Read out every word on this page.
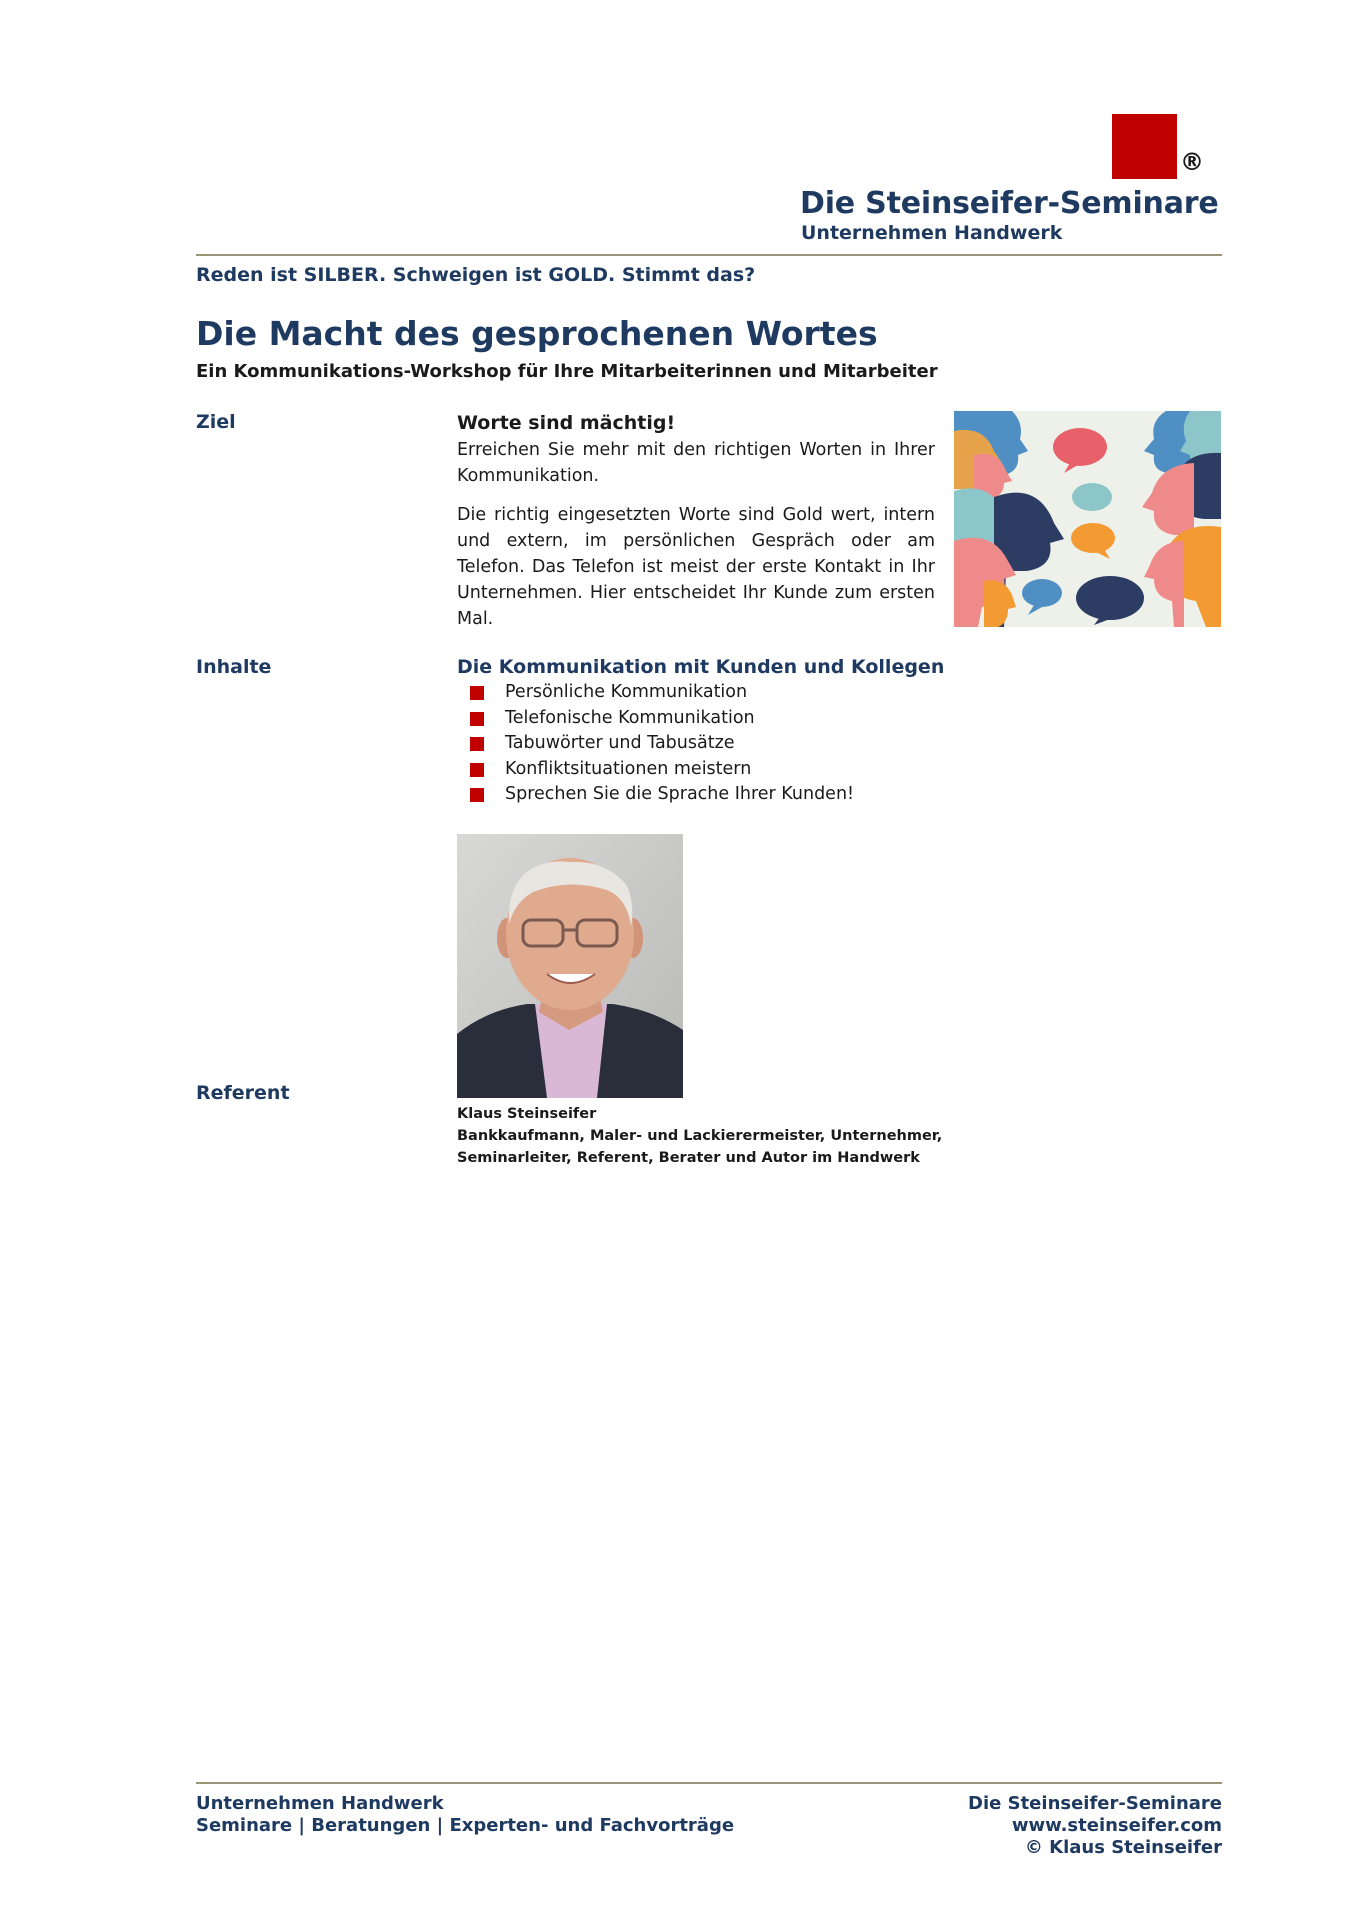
®
Die Steinseifer-Seminare
Unternehmen Handwerk
Reden ist SILBER. Schweigen ist GOLD. Stimmt das?
Die Macht des gesprochenen Wortes
Ein Kommunikations-Workshop für Ihre Mitarbeiterinnen und Mitarbeiter
Ziel	Worte sind mächtig!

Erreichen Sie mehr mit den richtigen Worten in Ihrer Kommunikation.

Die richtig eingesetzten Worte sind Gold wert, intern und extern, im persönlichen Gespräch oder am Telefon. Das Telefon ist meist der erste Kontakt in Ihr Unternehmen. Hier entscheidet Ihr Kunde zum ersten Mal.

Inhalte	Die Kommunikation mit Kunden und Kollegen
Persönliche Kommunikation
Telefonische Kommunikation
Tabuwörter und Tabusätze
Konfliktsituationen meistern
Sprechen Sie die Sprache Ihrer Kunden!
Referent
Klaus Steinseifer
Bankkaufmann, Maler- und Lackierermeister, Unternehmer,
Seminarleiter, Referent, Berater und Autor im Handwerk
Unternehmen Handwerk
Seminare | Beratungen | Experten- und Fachvorträge
Die Steinseifer-Seminare
www.steinseifer.com
© Klaus Steinseifer
